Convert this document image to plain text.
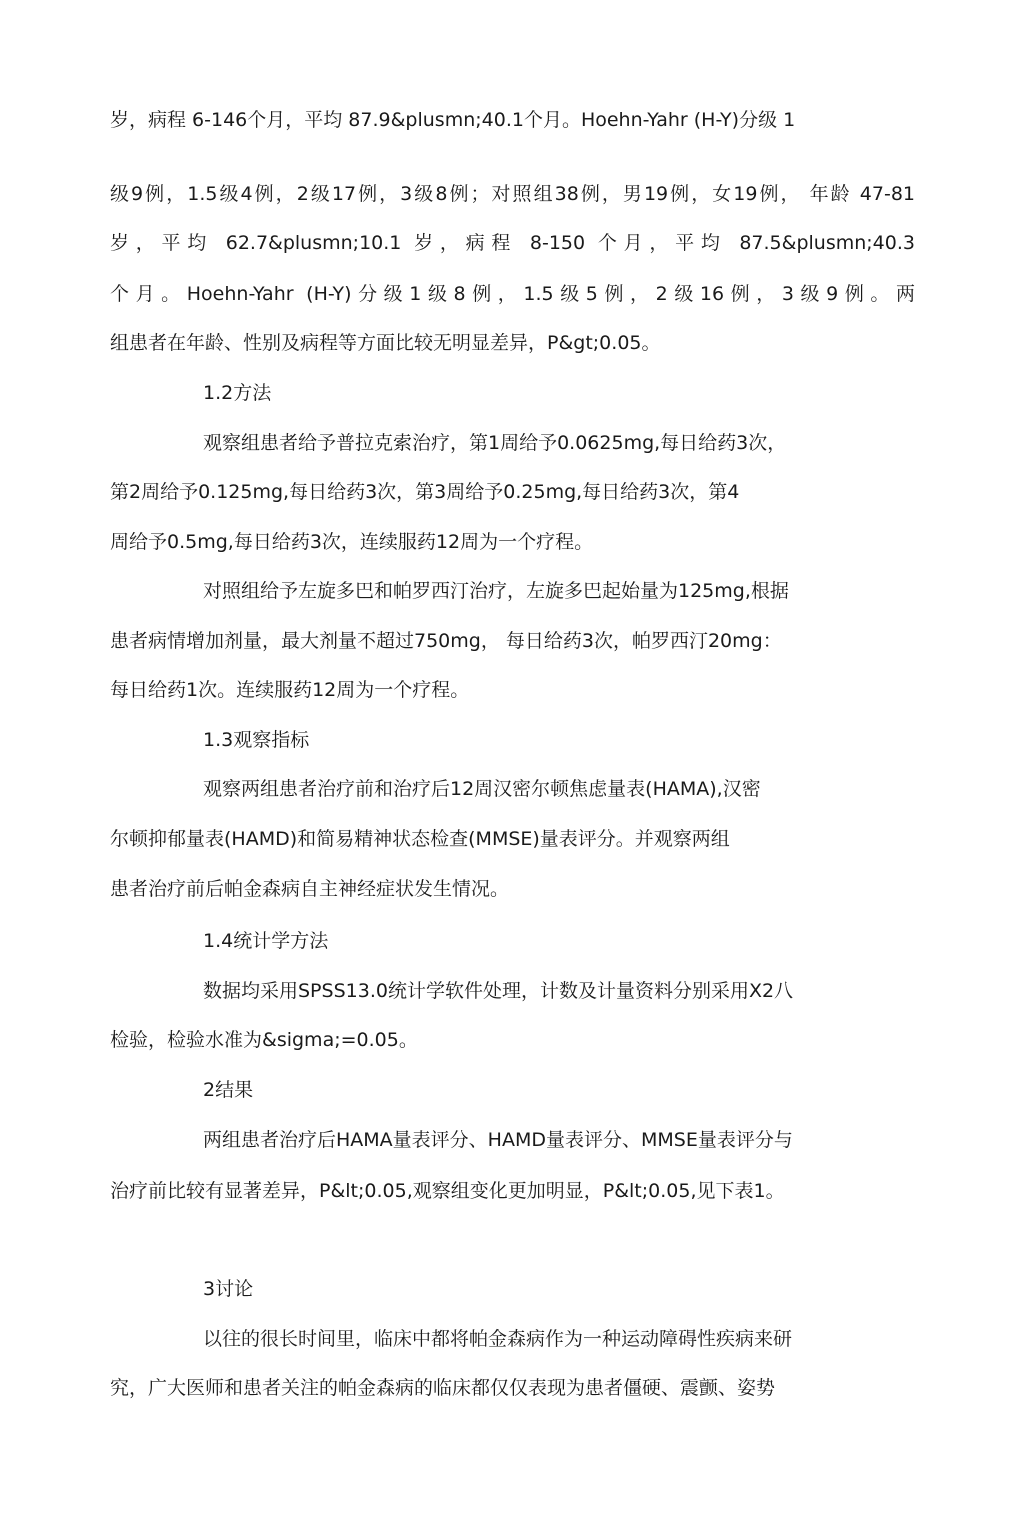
岁，病程 6-146个月，平均 87.9&plusmn;40.1个月。Hoehn-Yahr (H-Y)分级 1
级9例，1.5级4例，2级17例，3级8例；对照组38例，男19例，女19例， 年龄 47-81
岁，平均 62.7&plusmn;10.1 岁，病程 8-150 个月，平均 87.5&plusmn;40.3
个月。Hoehn-Yahr (H-Y)分级1级8例，1.5级5例，2级16例，3级9例。两
组患者在年龄、性别及病程等方面比较无明显差异，P&gt;0.05。
1.2方法
观察组患者给予普拉克索治疗，第1周给予0.0625mg,每日给药3次，
第2周给予0.125mg,每日给药3次，第3周给予0.25mg,每日给药3次，第4
周给予0.5mg,每日给药3次，连续服药12周为一个疗程。
对照组给予左旋多巴和帕罗西汀治疗，左旋多巴起始量为125mg,根据
患者病情增加剂量，最大剂量不超过750mg， 每日给药3次，帕罗西汀20mg：
每日给药1次。连续服药12周为一个疗程。
1.3观察指标
观察两组患者治疗前和治疗后12周汉密尔顿焦虑量表(HAMA),汉密
尔顿抑郁量表(HAMD)和简易精神状态检查(MMSE)量表评分。并观察两组
患者治疗前后帕金森病自主神经症状发生情况。
1.4统计学方法
数据均采用SPSS13.0统计学软件处理，计数及计量资料分别采用X2八
检验，检验水准为&sigma;=0.05。
2结果
两组患者治疗后HAMA量表评分、HAMD量表评分、MMSE量表评分与
治疗前比较有显著差异，P&lt;0.05,观察组变化更加明显，P&lt;0.05,见下表1。
3讨论
以往的很长时间里，临床中都将帕金森病作为一种运动障碍性疾病来研
究，广大医师和患者关注的帕金森病的临床都仅仅表现为患者僵硬、震颤、姿势
